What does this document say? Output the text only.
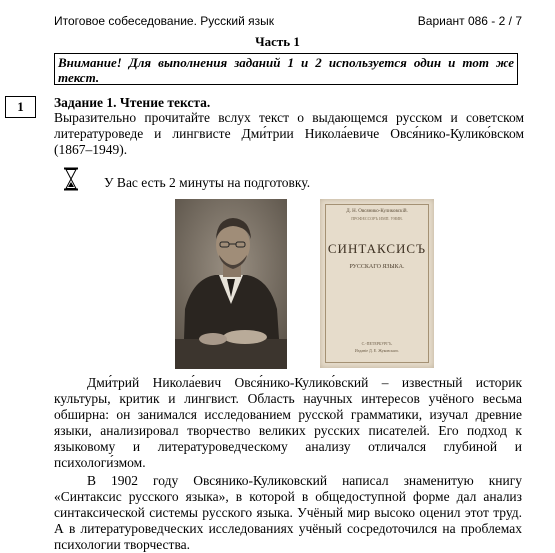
Итоговое собеседование. Русский язык	Вариант 086 - 2 / 7
Часть 1
Внимание! Для выполнения заданий 1 и 2 используется один и тот же текст.
1	Задание 1. Чтение текста.
Выразительно прочитайте вслух текст о выдающемся русском и советском литературоведе и лингвисте Дми́трии Никола́евиче Овся́нико-Кулико́вском (1867–1949).
У Вас есть 2 минуты на подготовку.
Д. Н. Овсянико-Куликовскій.
ПРОФЕССОРЪ ИМП. УНИВ.
СИНТАКСИСЪ
РУССКАГО ЯЗЫКА.
С.-ПЕТЕРБУРГЪ.
Изданіе Д. Е. Жуковскаго.

Дми́трий Никола́евич Овся́нико-Кулико́вский – известный историк культуры, критик и лингвист. Область научных интересов учёного весьма обширна: он занимался исследованием русской грамматики, изучал древние языки, анализировал творчество великих русских писателей. Его подход к языковому и литературоведческому анализу отличался глубиной и психологи́змом.

В 1902 году Овсянико-Куликовский написал знаменитую книгу «Синтаксис русского языка», в которой в общедоступной форме дал анализ синтаксической системы русского языка. Учёный мир высоко оценил этот труд. А в литературоведческих исследованиях учёный сосредоточился на проблемах психологии творчества.
